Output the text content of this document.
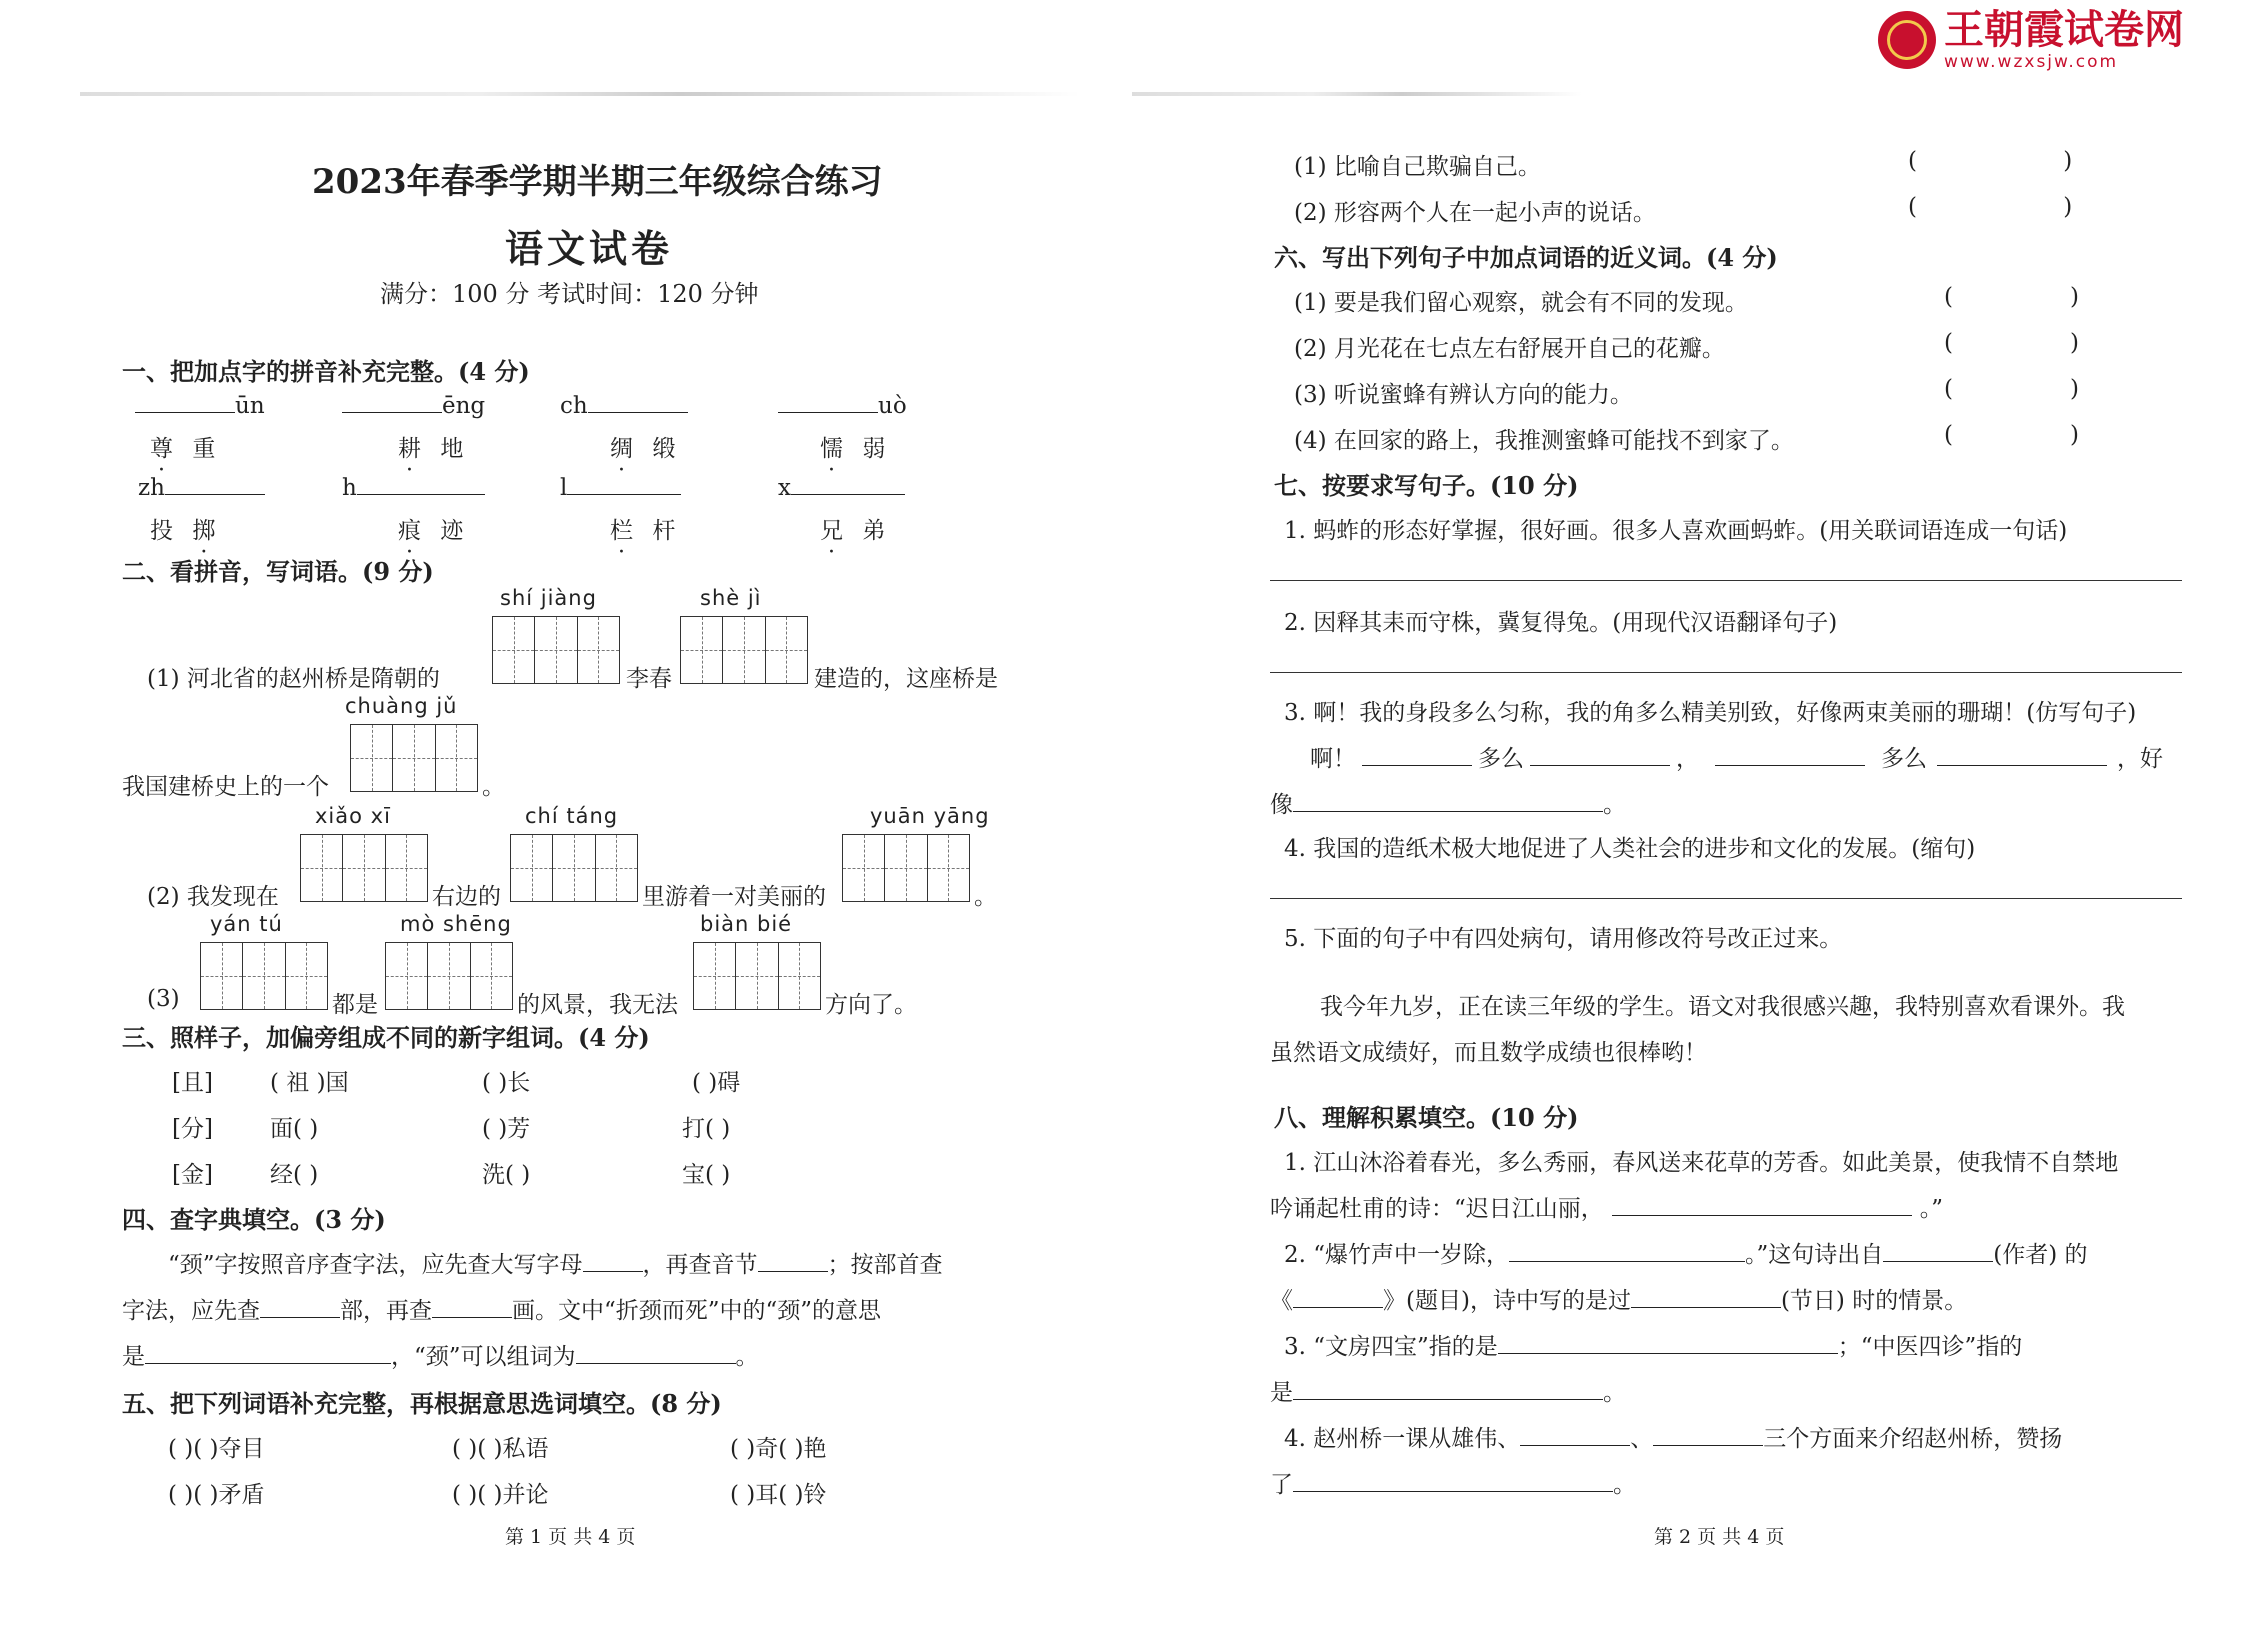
2023年春季学期半期三年级综合练习
语文试卷
满分：100 分 考试时间：120 分钟
一、把加点字的拼音补充完整。(4 分)
ūn	ēng	ch	uò
尊 重	耕 地	绸 缎	懦 弱
zh	h	l	x
投 掷	痕 迹	栏 杆	兄 弟
二、看拼音，写词语。(9 分)
shí jiàng	shè jì
(1) 河北省的赵州桥是隋朝的	李春	建造的，这座桥是
chuàng jǔ
我国建桥史上的一个	。
xiǎo xī	chí táng	yuān yāng
(2) 我发现在	右边的	里游着一对美丽的	。
yán tú	mò shēng	biàn bié
(3)	都是	的风景，我无法	方向了。
三、照样子，加偏旁组成不同的新字组词。(4 分)
[且] ( 祖 )国	( )长	( )碍
[分] 面( )	( )芳	打( )
[金] 经( )	洗( )	宝( )
四、查字典填空。(3 分)
“颈”字按照音序查字法，应先查大写字母	，再查音节	；按部首查
字法，应先查	部，再查	画。文中“折颈而死”中的“颈”的意思
是	，“颈”可以组词为	。
五、把下列词语补充完整，再根据意思选词填空。(8 分)
( )( )夺目	( )( )私语	( )奇( )艳
( )( )矛盾	( )( )并论	( )耳( )铃
第 1 页 共 4 页
王朝霞试卷网
www.wzxsjw.com
(1) 比喻自己欺骗自己。	(                    )
(2) 形容两个人在一起小声的说话。	(                    )
六、写出下列句子中加点词语的近义词。(4 分)
(1) 要是我们留心观察，就会有不同的发现。	(                )
(2) 月光花在七点左右舒展开自己的花瓣。	(                )
(3) 听说蜜蜂有辨认方向的能力。	(                )
(4) 在回家的路上，我推测蜜蜂可能找不到家了。	(                )
七、按要求写句子。(10 分)
1. 蚂蚱的形态好掌握，很好画。很多人喜欢画蚂蚱。(用关联词语连成一句话)
2. 因释其耒而守株，冀复得兔。(用现代汉语翻译句子)
3. 啊！我的身段多么匀称，我的角多么精美别致，好像两束美丽的珊瑚！(仿写句子)
啊！	多么	，	多么	，好
像	。
4. 我国的造纸术极大地促进了人类社会的进步和文化的发展。(缩句)
5. 下面的句子中有四处病句，请用修改符号改正过来。
我今年九岁，正在读三年级的学生。语文对我很感兴趣，我特别喜欢看课外。我
虽然语文成绩好，而且数学成绩也很棒哟！
八、理解积累填空。(10 分)
1. 江山沐浴着春光，多么秀丽，春风送来花草的芳香。如此美景，使我情不自禁地
吟诵起杜甫的诗：“迟日江山丽，	。”
2. “爆竹声中一岁除，	。”这句诗出自	(作者) 的
《	》(题目)，诗中写的是过	(节日) 时的情景。
3. “文房四宝”指的是	；“中医四诊”指的
是	。
4. 赵州桥一课从雄伟、	、	三个方面来介绍赵州桥，赞扬
了	。
第 2 页 共 4 页
